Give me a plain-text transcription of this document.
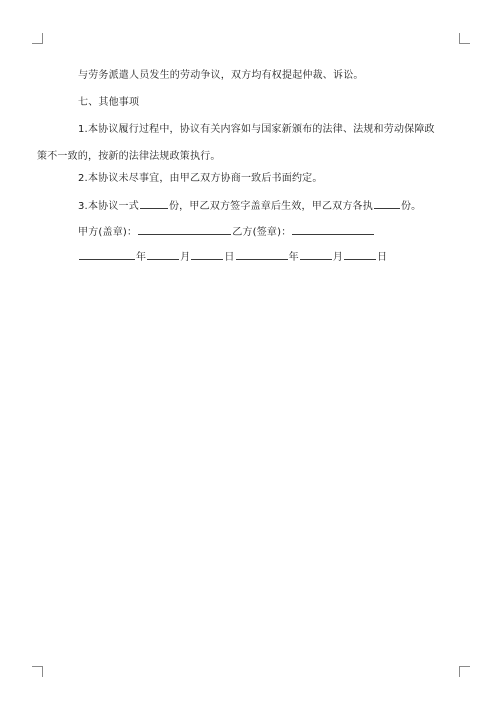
与劳务派遣人员发生的劳动争议，双方均有权提起仲裁、诉讼。
七、其他事项
1.本协议履行过程中，协议有关内容如与国家新颁布的法律、法规和劳动保障政
策不一致的，按新的法律法规政策执行。
2.本协议未尽事宜，由甲乙双方协商一致后书面约定。
3.本协议一式	份，甲乙双方签字盖章后生效，甲乙双方各执	份。
甲方(盖章)：	乙方(签章)：
年	月	日	年	月	日
